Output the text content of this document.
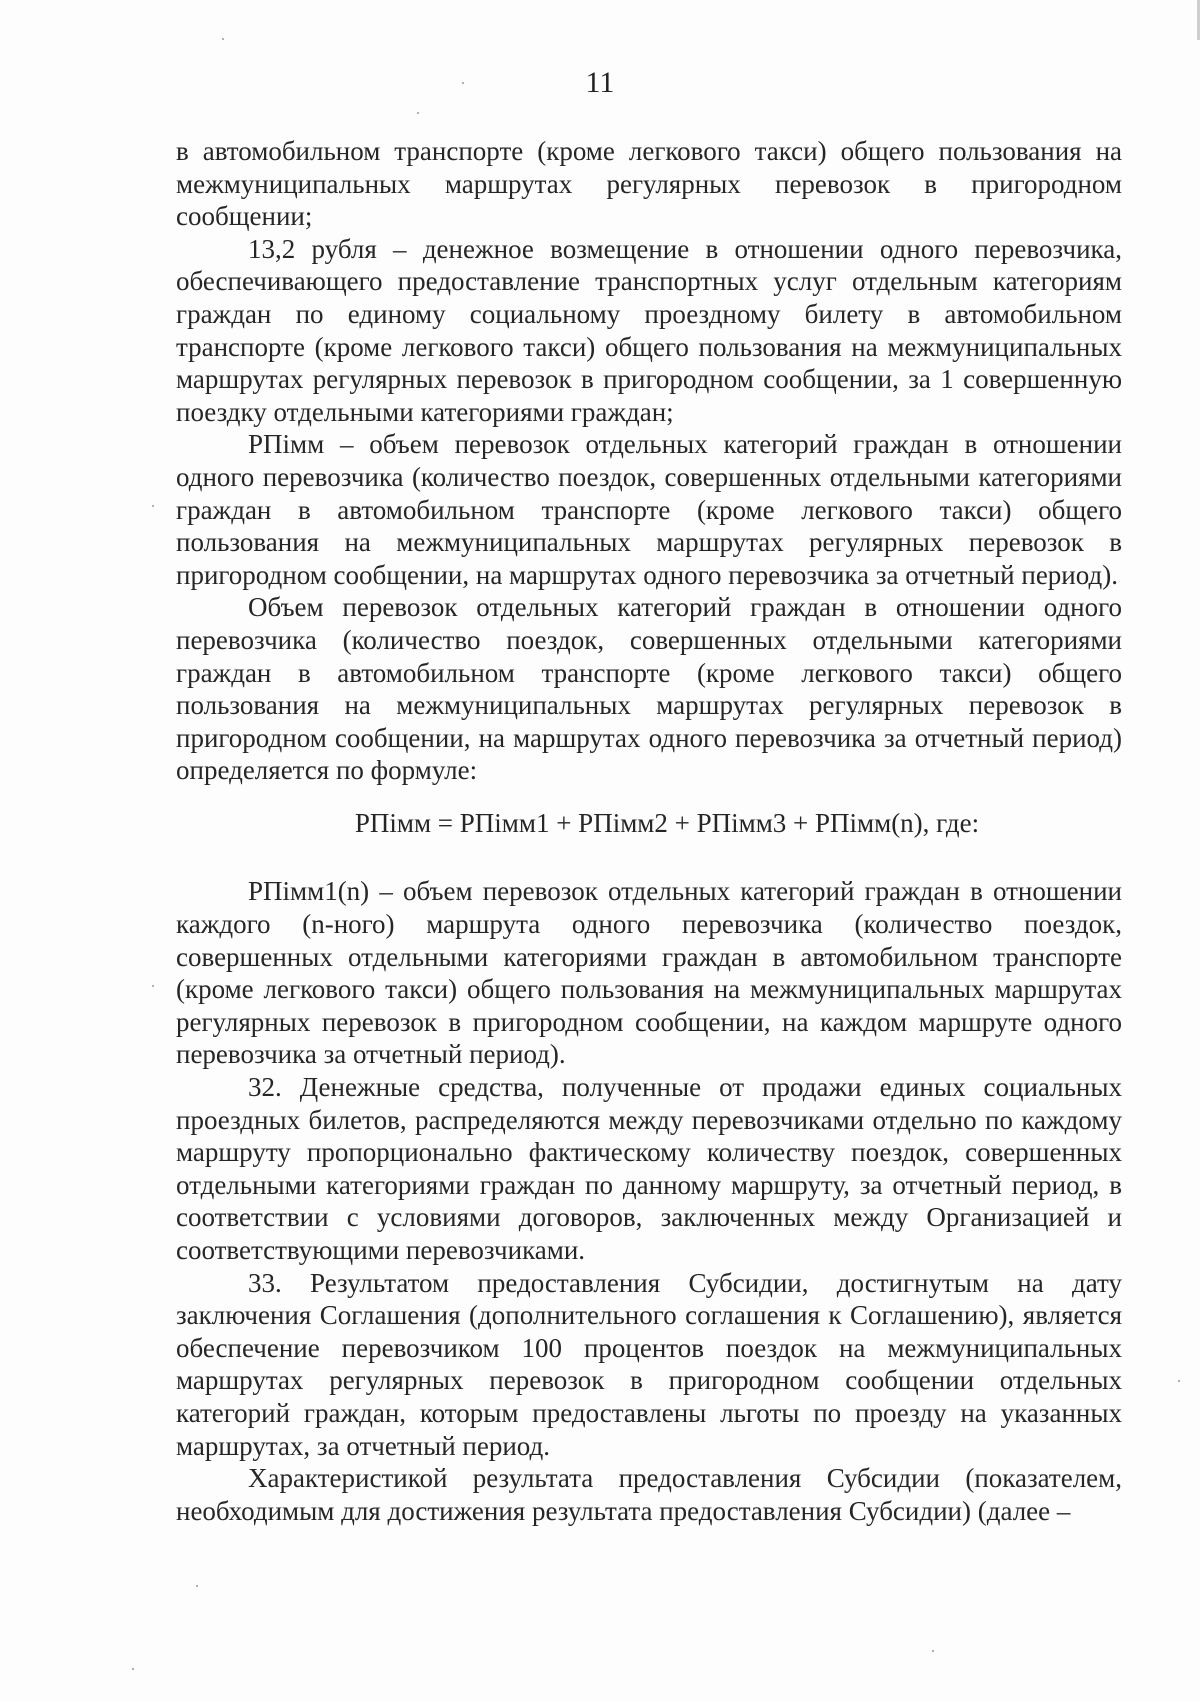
11

в автомобильном транспорте (кроме легкового такси) общего пользования на межмуниципальных маршрутах регулярных перевозок в пригородном сообщении;

13,2 рубля – денежное возмещение в отношении одного перевозчика, обеспечивающего предоставление транспортных услуг отдельным категориям граждан по единому социальному проездному билету в автомобильном транспорте (кроме легкового такси) общего пользования на межмуниципальных маршрутах регулярных перевозок в пригородном сообщении, за 1 совершенную поездку отдельными категориями граждан;

РПімм – объем перевозок отдельных категорий граждан в отношении одного перевозчика (количество поездок, совершенных отдельными категориями граждан в автомобильном транспорте (кроме легкового такси) общего пользования на межмуниципальных маршрутах регулярных перевозок в пригородном сообщении, на маршрутах одного перевозчика за отчетный период).

Объем перевозок отдельных категорий граждан в отношении одного перевозчика (количество поездок, совершенных отдельными категориями граждан в автомобильном транспорте (кроме легкового такси) общего пользования на межмуниципальных маршрутах регулярных перевозок в пригородном сообщении, на маршрутах одного перевозчика за отчетный период) определяется по формуле:

РПімм = РПімм1 + РПімм2 + РПімм3 + РПімм(n), где:

РПімм1(n) – объем перевозок отдельных категорий граждан в отношении каждого (n-ного) маршрута одного перевозчика (количество поездок, совершенных отдельными категориями граждан в автомобильном транспорте (кроме легкового такси) общего пользования на межмуниципальных маршрутах регулярных перевозок в пригородном сообщении, на каждом маршруте одного перевозчика за отчетный период).

32. Денежные средства, полученные от продажи единых социальных проездных билетов, распределяются между перевозчиками отдельно по каждому маршруту пропорционально фактическому количеству поездок, совершенных отдельными категориями граждан по данному маршруту, за отчетный период, в соответствии с условиями договоров, заключенных между Организацией и соответствующими перевозчиками.

33. Результатом предоставления Субсидии, достигнутым на дату заключения Соглашения (дополнительного соглашения к Соглашению), является обеспечение перевозчиком 100 процентов поездок на межмуниципальных маршрутах регулярных перевозок в пригородном сообщении отдельных категорий граждан, которым предоставлены льготы по проезду на указанных маршрутах, за отчетный период.

Характеристикой результата предоставления Субсидии (показателем, необходимым для достижения результата предоставления Субсидии) (далее –
